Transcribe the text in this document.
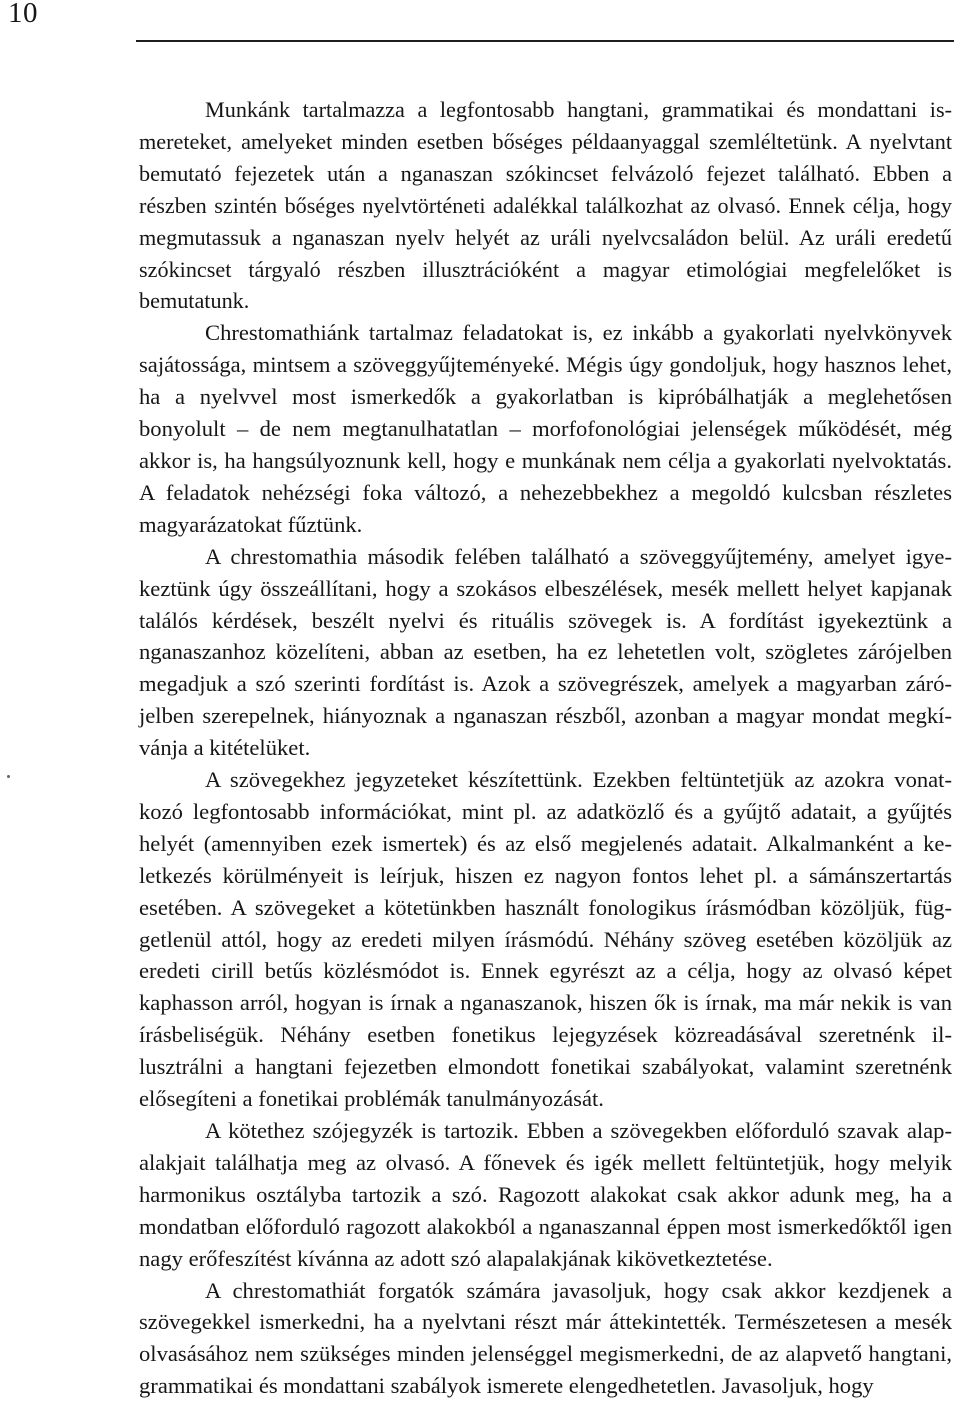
10

Munkánk tartalmazza a legfontosabb hangtani, grammatikai és mondattani ismereteket, amelyeket minden esetben bőséges példaanyaggal szemléltetünk. A nyelvtant bemutató fejezetek után a nganaszan szókincset felvázoló fejezet található. Ebben a részben szintén bőséges nyelvtörténeti adalékkal találkozhat az olvasó. Ennek célja, hogy megmutassuk a nganaszan nyelv helyét az uráli nyelvcsaládon belül. Az uráli eredetű szókincset tárgyaló részben illusztrációként a magyar etimológiai megfelelőket is bemutatunk.

Chrestomathiánk tartalmaz feladatokat is, ez inkább a gyakorlati nyelvkönyvek sajátossága, mintsem a szöveggyűjteményeké. Mégis úgy gondoljuk, hogy hasznos lehet, ha a nyelvvel most ismerkedők a gyakorlatban is kipróbálhatják a meglehetősen bonyolult – de nem megtanulhatatlan – morfofonológiai jelenségek működését, még akkor is, ha hangsúlyoznunk kell, hogy e munkának nem célja a gyakorlati nyelvoktatás. A feladatok nehézségi foka változó, a nehezebbekhez a megoldó kulcsban részletes magyarázatokat fűztünk.

A chrestomathia második felében található a szöveggyűjtemény, amelyet igyekeztünk úgy összeállítani, hogy a szokásos elbeszélések, mesék mellett helyet kapjanak találós kérdések, beszélt nyelvi és rituális szövegek is. A fordítást igyekeztünk a nganaszanhoz közelíteni, abban az esetben, ha ez lehetetlen volt, szögletes zárójelben megadjuk a szó szerinti fordítást is. Azok a szövegrészek, amelyek a magyarban zárójelben szerepelnek, hiányoznak a nganaszan részből, azonban a magyar mondat megkívánja a kitételüket.

A szövegekhez jegyzeteket készítettünk. Ezekben feltüntetjük az azokra vonatkozó legfontosabb információkat, mint pl. az adatközlő és a gyűjtő adatait, a gyűjtés helyét (amennyiben ezek ismertek) és az első megjelenés adatait. Alkalmanként a keletkezés körülményeit is leírjuk, hiszen ez nagyon fontos lehet pl. a sámánszertartás esetében. A szövegeket a kötetünkben használt fonologikus írásmódban közöljük, függetlenül attól, hogy az eredeti milyen írásmódú. Néhány szöveg esetében közöljük az eredeti cirill betűs közlésmódot is. Ennek egyrészt az a célja, hogy az olvasó képet kaphasson arról, hogyan is írnak a nganaszanok, hiszen ők is írnak, ma már nekik is van írásbeliségük. Néhány esetben fonetikus lejegyzések közreadásával szeretnénk illusztrálni a hangtani fejezetben elmondott fonetikai szabályokat, valamint szeretnénk elősegíteni a fonetikai problémák tanulmányozását.

A kötethez szójegyzék is tartozik. Ebben a szövegekben előforduló szavak alapalakjait találhatja meg az olvasó. A főnevek és igék mellett feltüntetjük, hogy melyik harmonikus osztályba tartozik a szó. Ragozott alakokat csak akkor adunk meg, ha a mondatban előforduló ragozott alakokból a nganaszannal éppen most ismerkedőktől igen nagy erőfeszítést kívánna az adott szó alapalakjának kikövetkeztetése.

A chrestomathiát forgatók számára javasoljuk, hogy csak akkor kezdjenek a szövegekkel ismerkedni, ha a nyelvtani részt már áttekintették. Természetesen a mesék olvasásához nem szükséges minden jelenséggel megismerkedni, de az alapvető hangtani, grammatikai és mondattani szabályok ismerete elengedhetetlen. Javasoljuk, hogy
